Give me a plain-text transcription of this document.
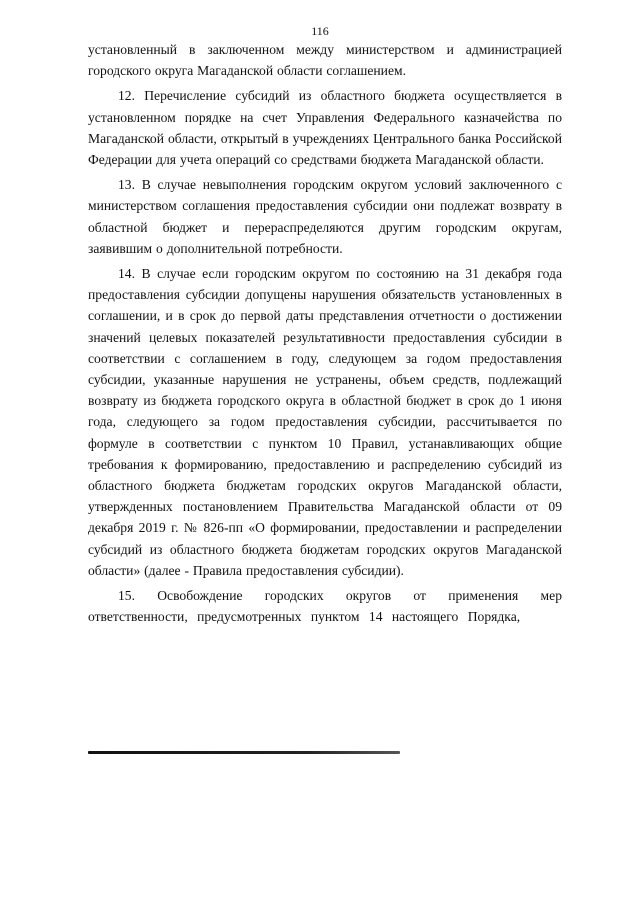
116

установленный в заключенном между министерством и администрацией городского округа Магаданской области соглашением.

12. Перечисление субсидий из областного бюджета осуществляется в установленном порядке на счет Управления Федерального казначейства по Магаданской области, открытый в учреждениях Центрального банка Российской Федерации для учета операций со средствами бюджета Магаданской области.

13. В случае невыполнения городским округом условий заключенного с министерством соглашения предоставления субсидии они подлежат возврату в областной бюджет и перераспределяются другим городским округам, заявившим о дополнительной потребности.

14. В случае если городским округом по состоянию на 31 декабря года предоставления субсидии допущены нарушения обязательств установленных в соглашении, и в срок до первой даты представления отчетности о достижении значений целевых показателей результативности предоставления субсидии в соответствии с соглашением в году, следующем за годом предоставления субсидии, указанные нарушения не устранены, объем средств, подлежащий возврату из бюджета городского округа в областной бюджет в срок до 1 июня года, следующего за годом предоставления субсидии, рассчитывается по формуле в соответствии с пунктом 10 Правил, устанавливающих общие требования к формированию, предоставлению и распределению субсидий из областного бюджета бюджетам городских округов Магаданской области, утвержденных постановлением Правительства Магаданской области от 09 декабря 2019 г. № 826-пп «О формировании, предоставлении и распределении субсидий из областного бюджета бюджетам городских округов Магаданской области» (далее - Правила предоставления субсидии).

15. Освобождение городских округов от применения мер ответственности, предусмотренных пунктом 14 настоящего Порядка,
